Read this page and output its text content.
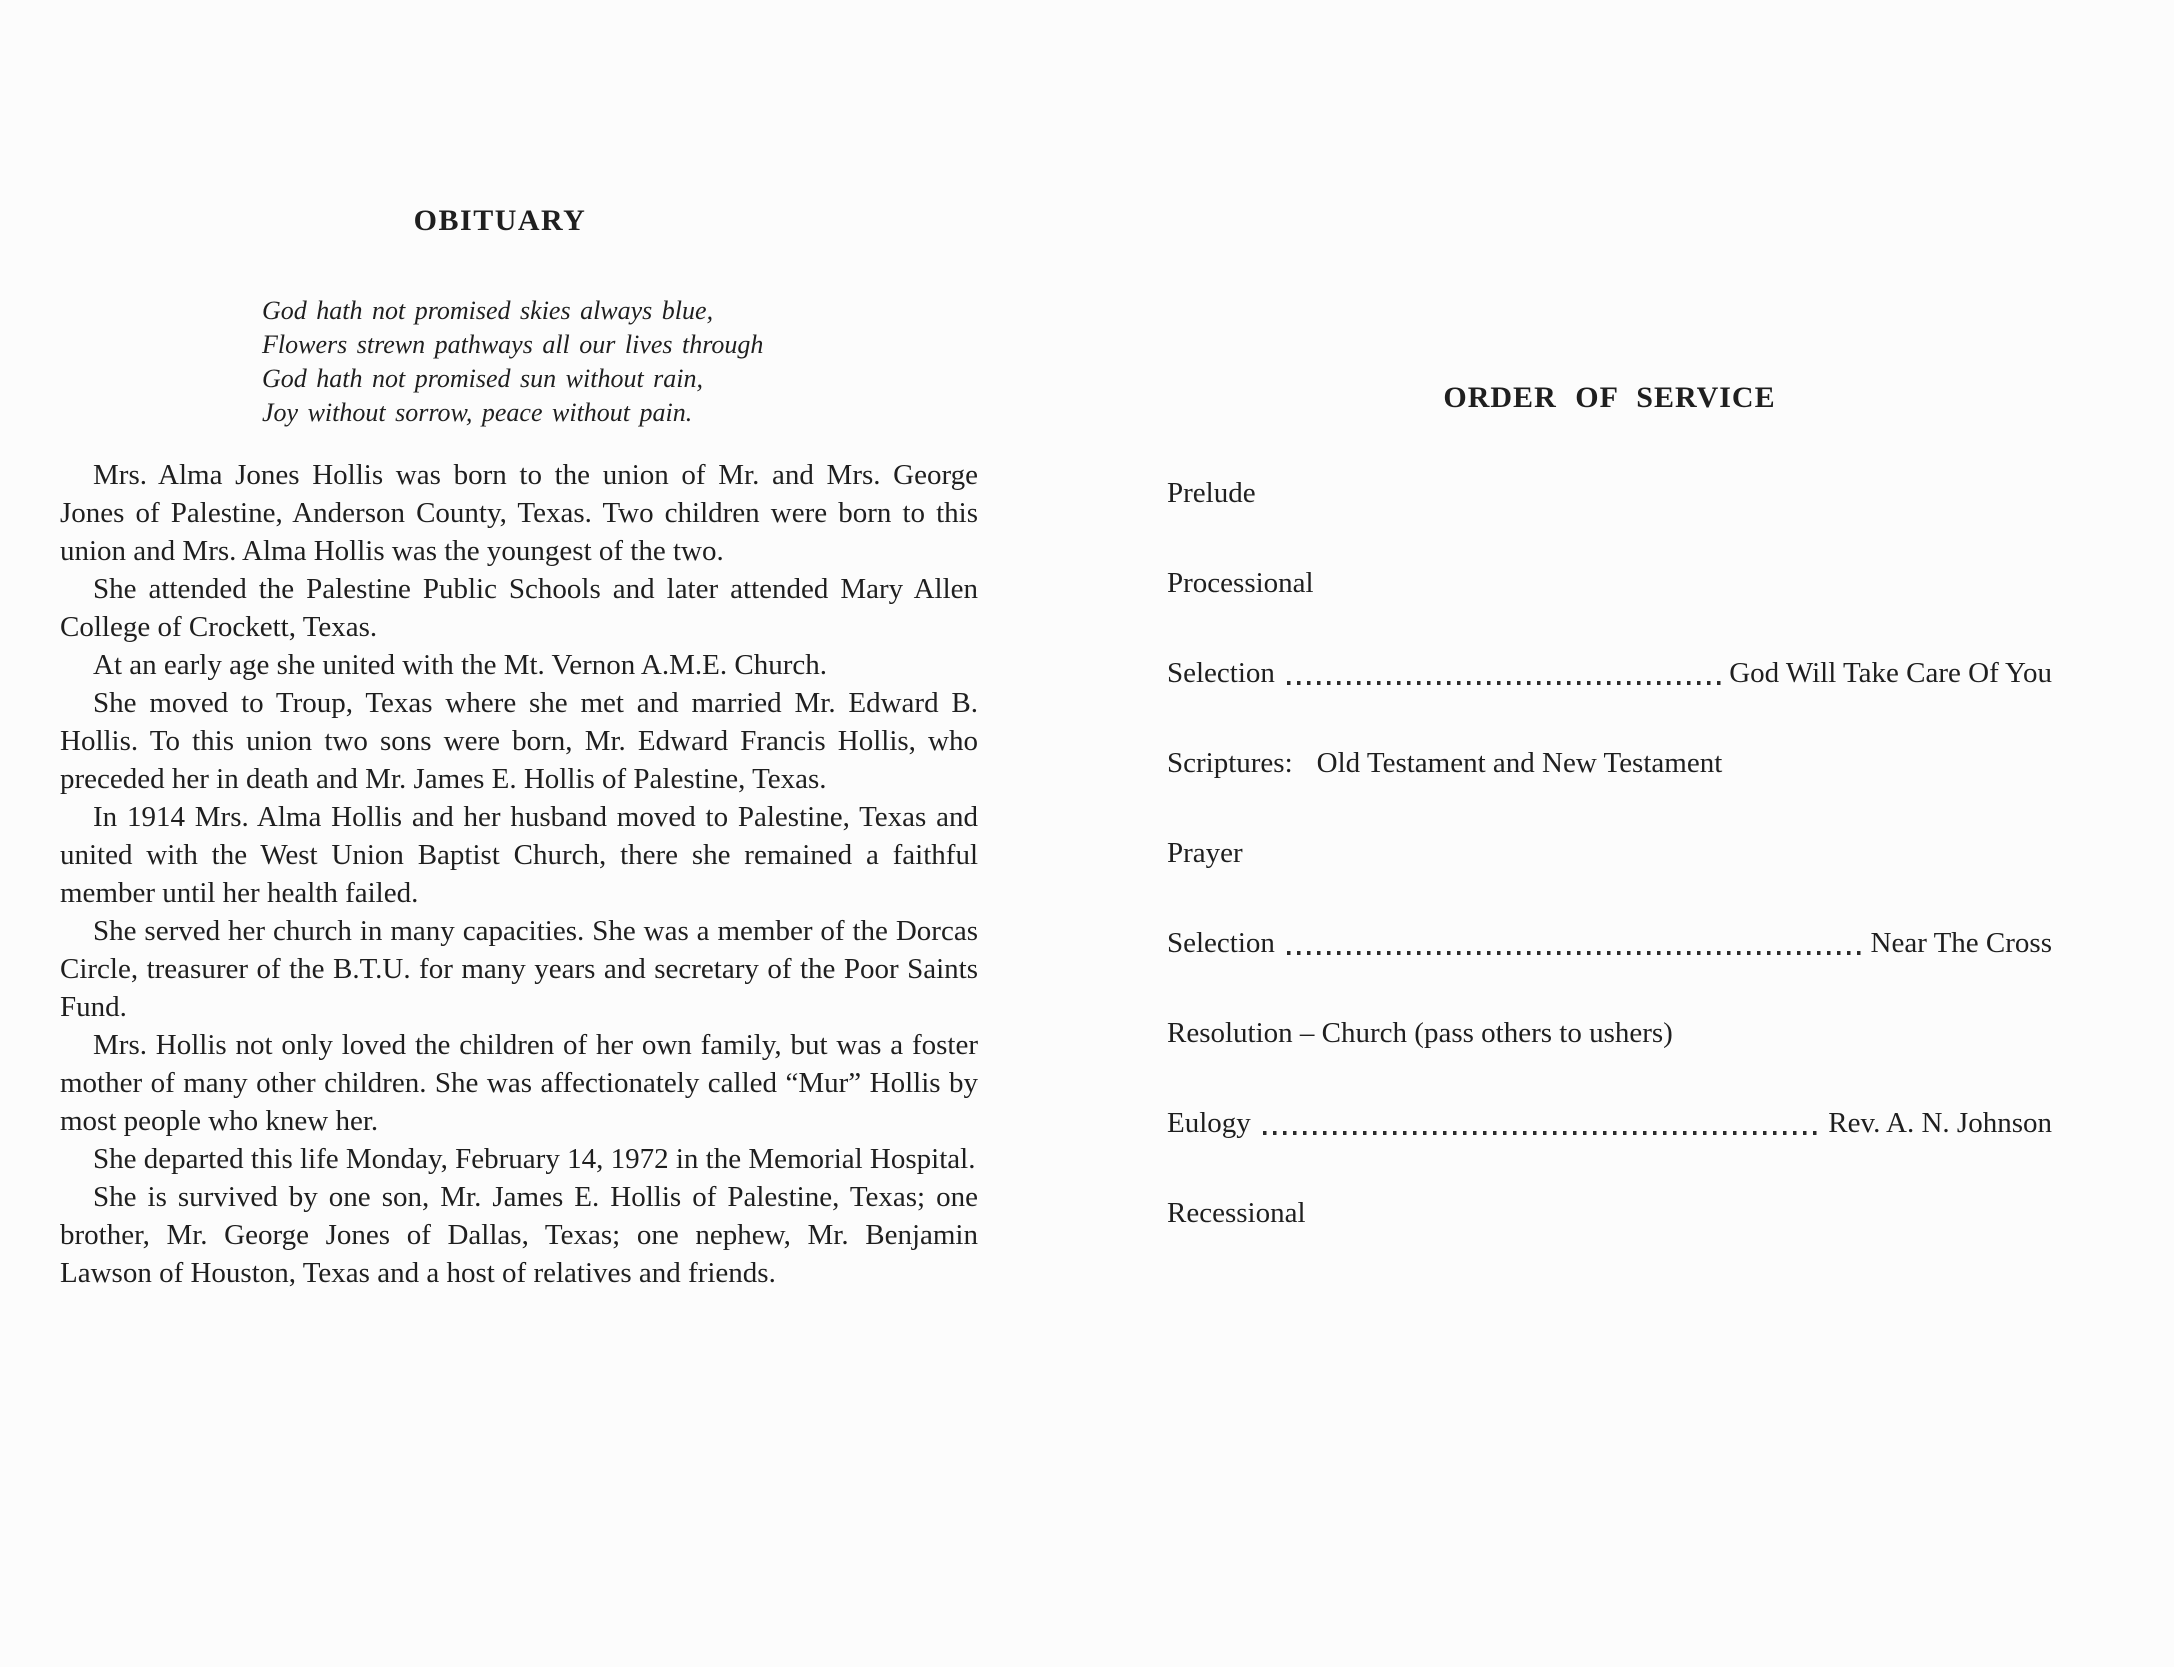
OBITUARY
God hath not promised skies always blue,
Flowers strewn pathways all our lives through
God hath not promised sun without rain,
Joy without sorrow, peace without pain.

Mrs. Alma Jones Hollis was born to the union of Mr. and Mrs. George Jones of Palestine, Anderson County, Texas. Two children were born to this union and Mrs. Alma Hollis was the youngest of the two.

She attended the Palestine Public Schools and later attended Mary Allen College of Crockett, Texas.

At an early age she united with the Mt. Vernon A.M.E. Church.

She moved to Troup, Texas where she met and married Mr. Edward B. Hollis. To this union two sons were born, Mr. Edward Francis Hollis, who preceded her in death and Mr. James E. Hollis of Palestine, Texas.

In 1914 Mrs. Alma Hollis and her husband moved to Palestine, Texas and united with the West Union Baptist Church, there she remained a faithful member until her health failed.

She served her church in many capacities. She was a member of the Dorcas Circle, treasurer of the B.T.U. for many years and secretary of the Poor Saints Fund.

Mrs. Hollis not only loved the children of her own family, but was a foster mother of many other children. She was affectionately called “Mur” Hollis by most people who knew her.

She departed this life Monday, February 14, 1972 in the Memorial Hospital.

She is survived by one son, Mr. James E. Hollis of Palestine, Texas; one brother, Mr. George Jones of Dallas, Texas; one nephew, Mr. Benjamin Lawson of Houston, Texas and a host of relatives and friends.

ORDER OF SERVICE
Prelude
Processional
Selection	God Will Take Care Of You
Scriptures: Old Testament and New Testament
Prayer
Selection	Near The Cross
Resolution – Church (pass others to ushers)
Eulogy	Rev. A. N. Johnson
Recessional
